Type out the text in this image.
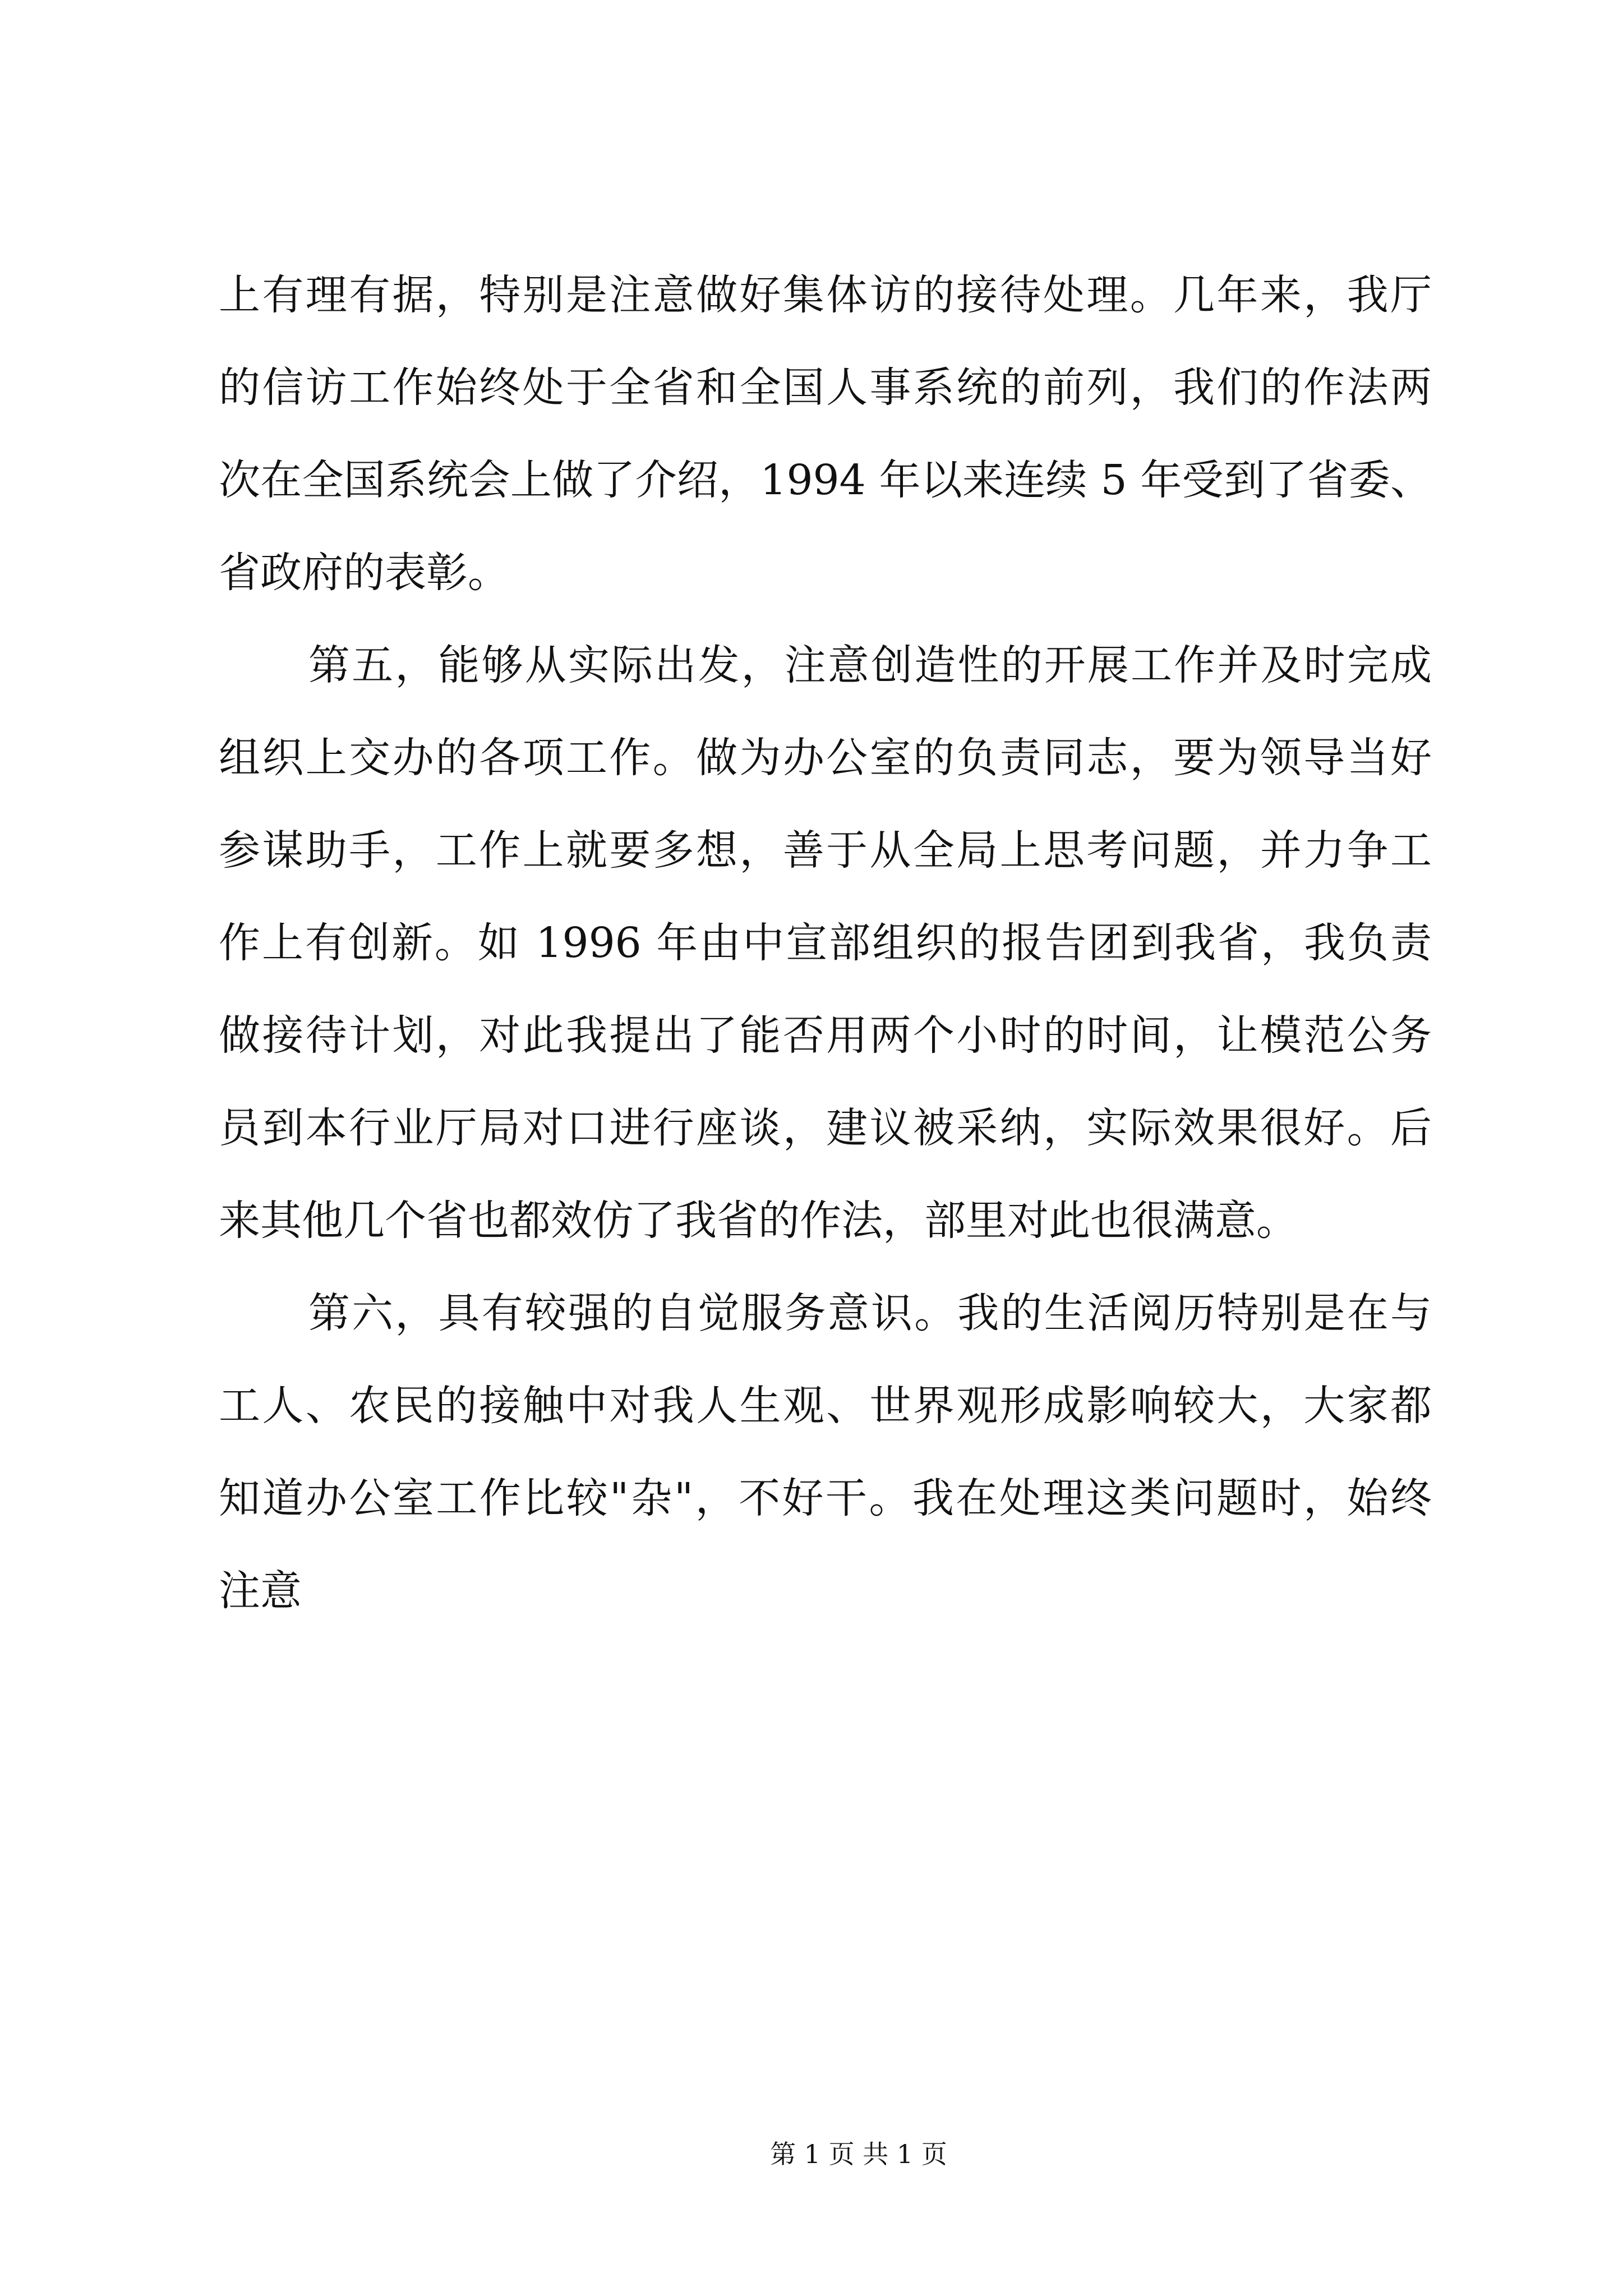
上有理有据，特别是注意做好集体访的接待处理。几年来，我厅
的信访工作始终处于全省和全国人事系统的前列，我们的作法两
次在全国系统会上做了介绍，1994 年以来连续 5 年受到了省委、
省政府的表彰。
第五，能够从实际出发，注意创造性的开展工作并及时完成
组织上交办的各项工作。做为办公室的负责同志，要为领导当好
参谋助手，工作上就要多想，善于从全局上思考问题，并力争工
作上有创新。如 1996 年由中宣部组织的报告团到我省，我负责
做接待计划，对此我提出了能否用两个小时的时间，让模范公务
员到本行业厅局对口进行座谈，建议被采纳，实际效果很好。后
来其他几个省也都效仿了我省的作法，部里对此也很满意。
第六，具有较强的自觉服务意识。我的生活阅历特别是在与
工人、农民的接触中对我人生观、世界观形成影响较大，大家都
知道办公室工作比较"杂"，不好干。我在处理这类问题时，始终
注意
第 1 页 共 1 页
